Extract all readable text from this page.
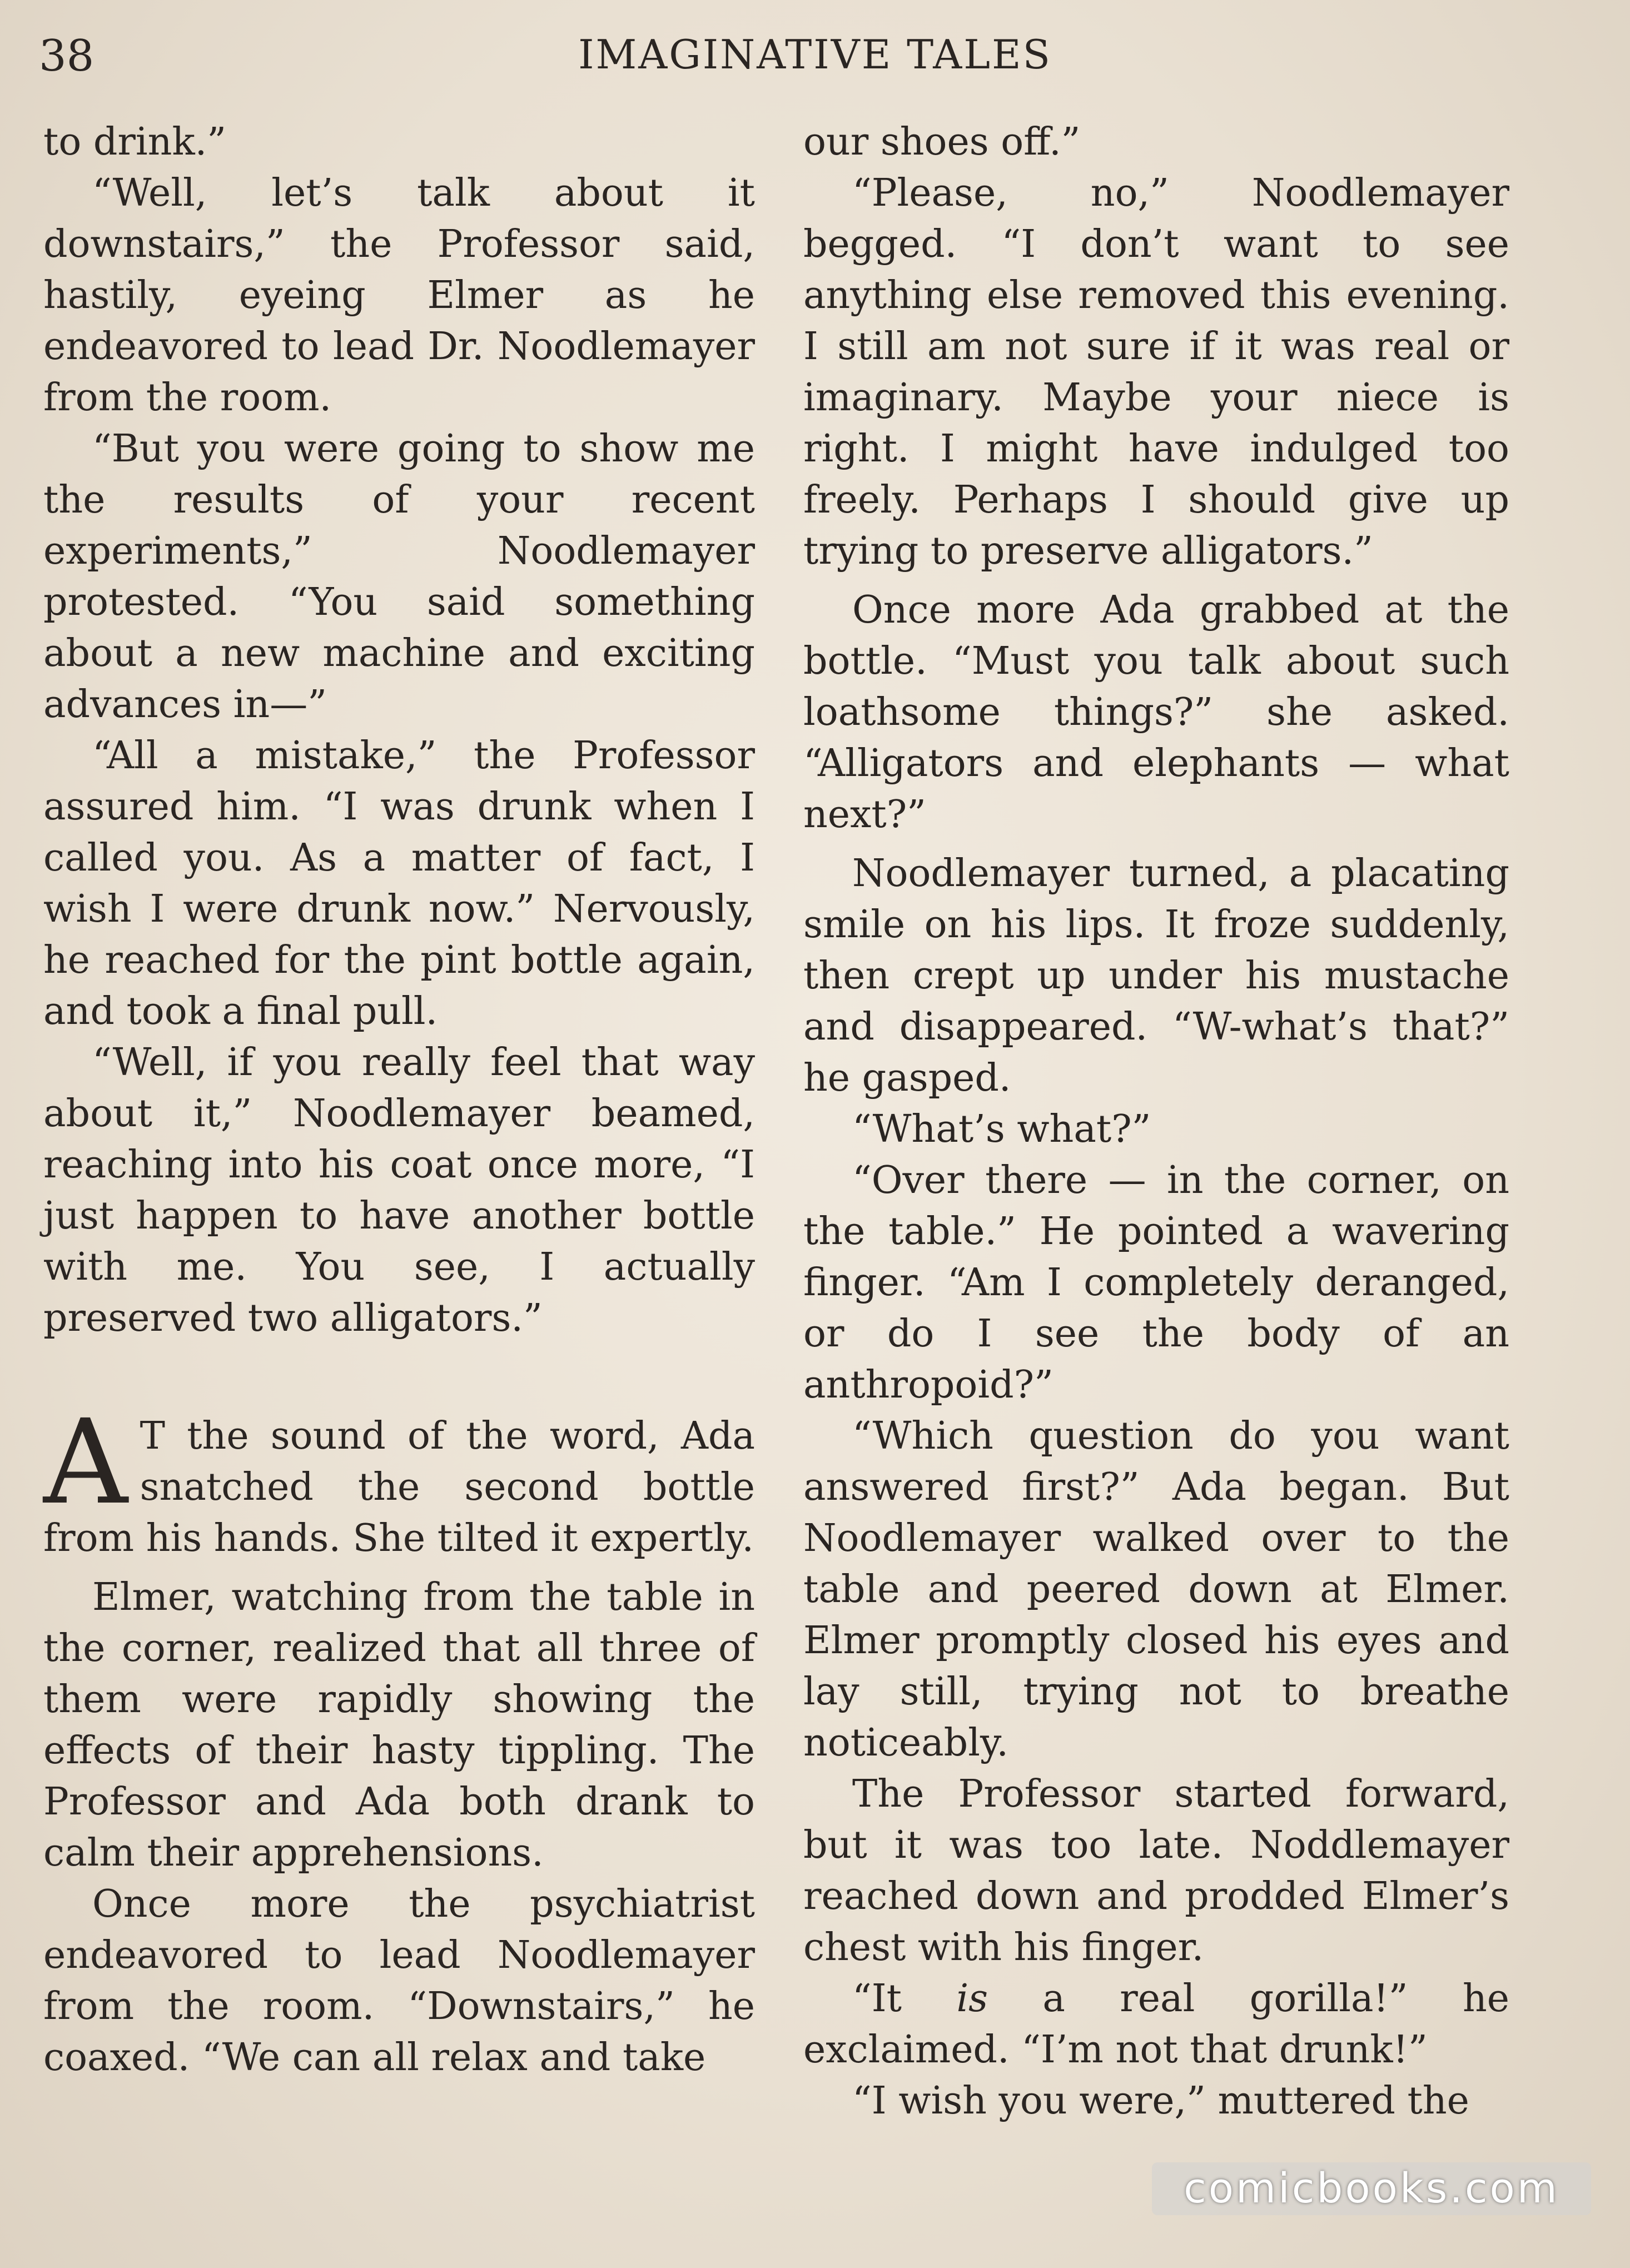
38	IMAGINATIVE TALES

to drink.”

“Well, let’s talk about it downstairs,” the Professor said, hastily, eyeing Elmer as he endeavored to lead Dr. Noodlemayer from the room.

“But you were going to show me the results of your recent experiments,” Noodlemayer protested. “You said something about a new machine and exciting advances in—”

“All a mistake,” the Professor assured him. “I was drunk when I called you. As a matter of fact, I wish I were drunk now.” Nervously, he reached for the pint bottle again, and took a final pull.

“Well, if you really feel that way about it,” Noodlemayer beamed, reaching into his coat once more, “I just happen to have another bottle with me. You see, I actually preserved two alligators.”

A T the sound of the word, Ada snatched the second bottle from his hands. She tilted it expertly.

Elmer, watching from the table in the corner, realized that all three of them were rapidly showing the effects of their hasty tippling. The Professor and Ada both drank to calm their apprehensions.

Once more the psychiatrist endeavored to lead Noodlemayer from the room. “Downstairs,” he coaxed. “We can all relax and take

our shoes off.”

“Please, no,” Noodlemayer begged. “I don’t want to see anything else removed this evening. I still am not sure if it was real or imaginary. Maybe your niece is right. I might have indulged too freely. Perhaps I should give up trying to preserve alligators.”

Once more Ada grabbed at the bottle. “Must you talk about such loathsome things?” she asked. “Alligators and elephants — what next?”

Noodlemayer turned, a placating smile on his lips. It froze suddenly, then crept up under his mustache and disappeared. “W-what’s that?” he gasped.

“What’s what?”

“Over there — in the corner, on the table.” He pointed a wavering finger. “Am I completely deranged, or do I see the body of an anthropoid?”

“Which question do you want answered first?” Ada began. But Noodlemayer walked over to the table and peered down at Elmer. Elmer promptly closed his eyes and lay still, trying not to breathe noticeably.

The Professor started forward, but it was too late. Noddlemayer reached down and prodded Elmer’s chest with his finger.

“It is a real gorilla!” he exclaimed. “I’m not that drunk!”

“I wish you were,” muttered the

comicbooks.com
